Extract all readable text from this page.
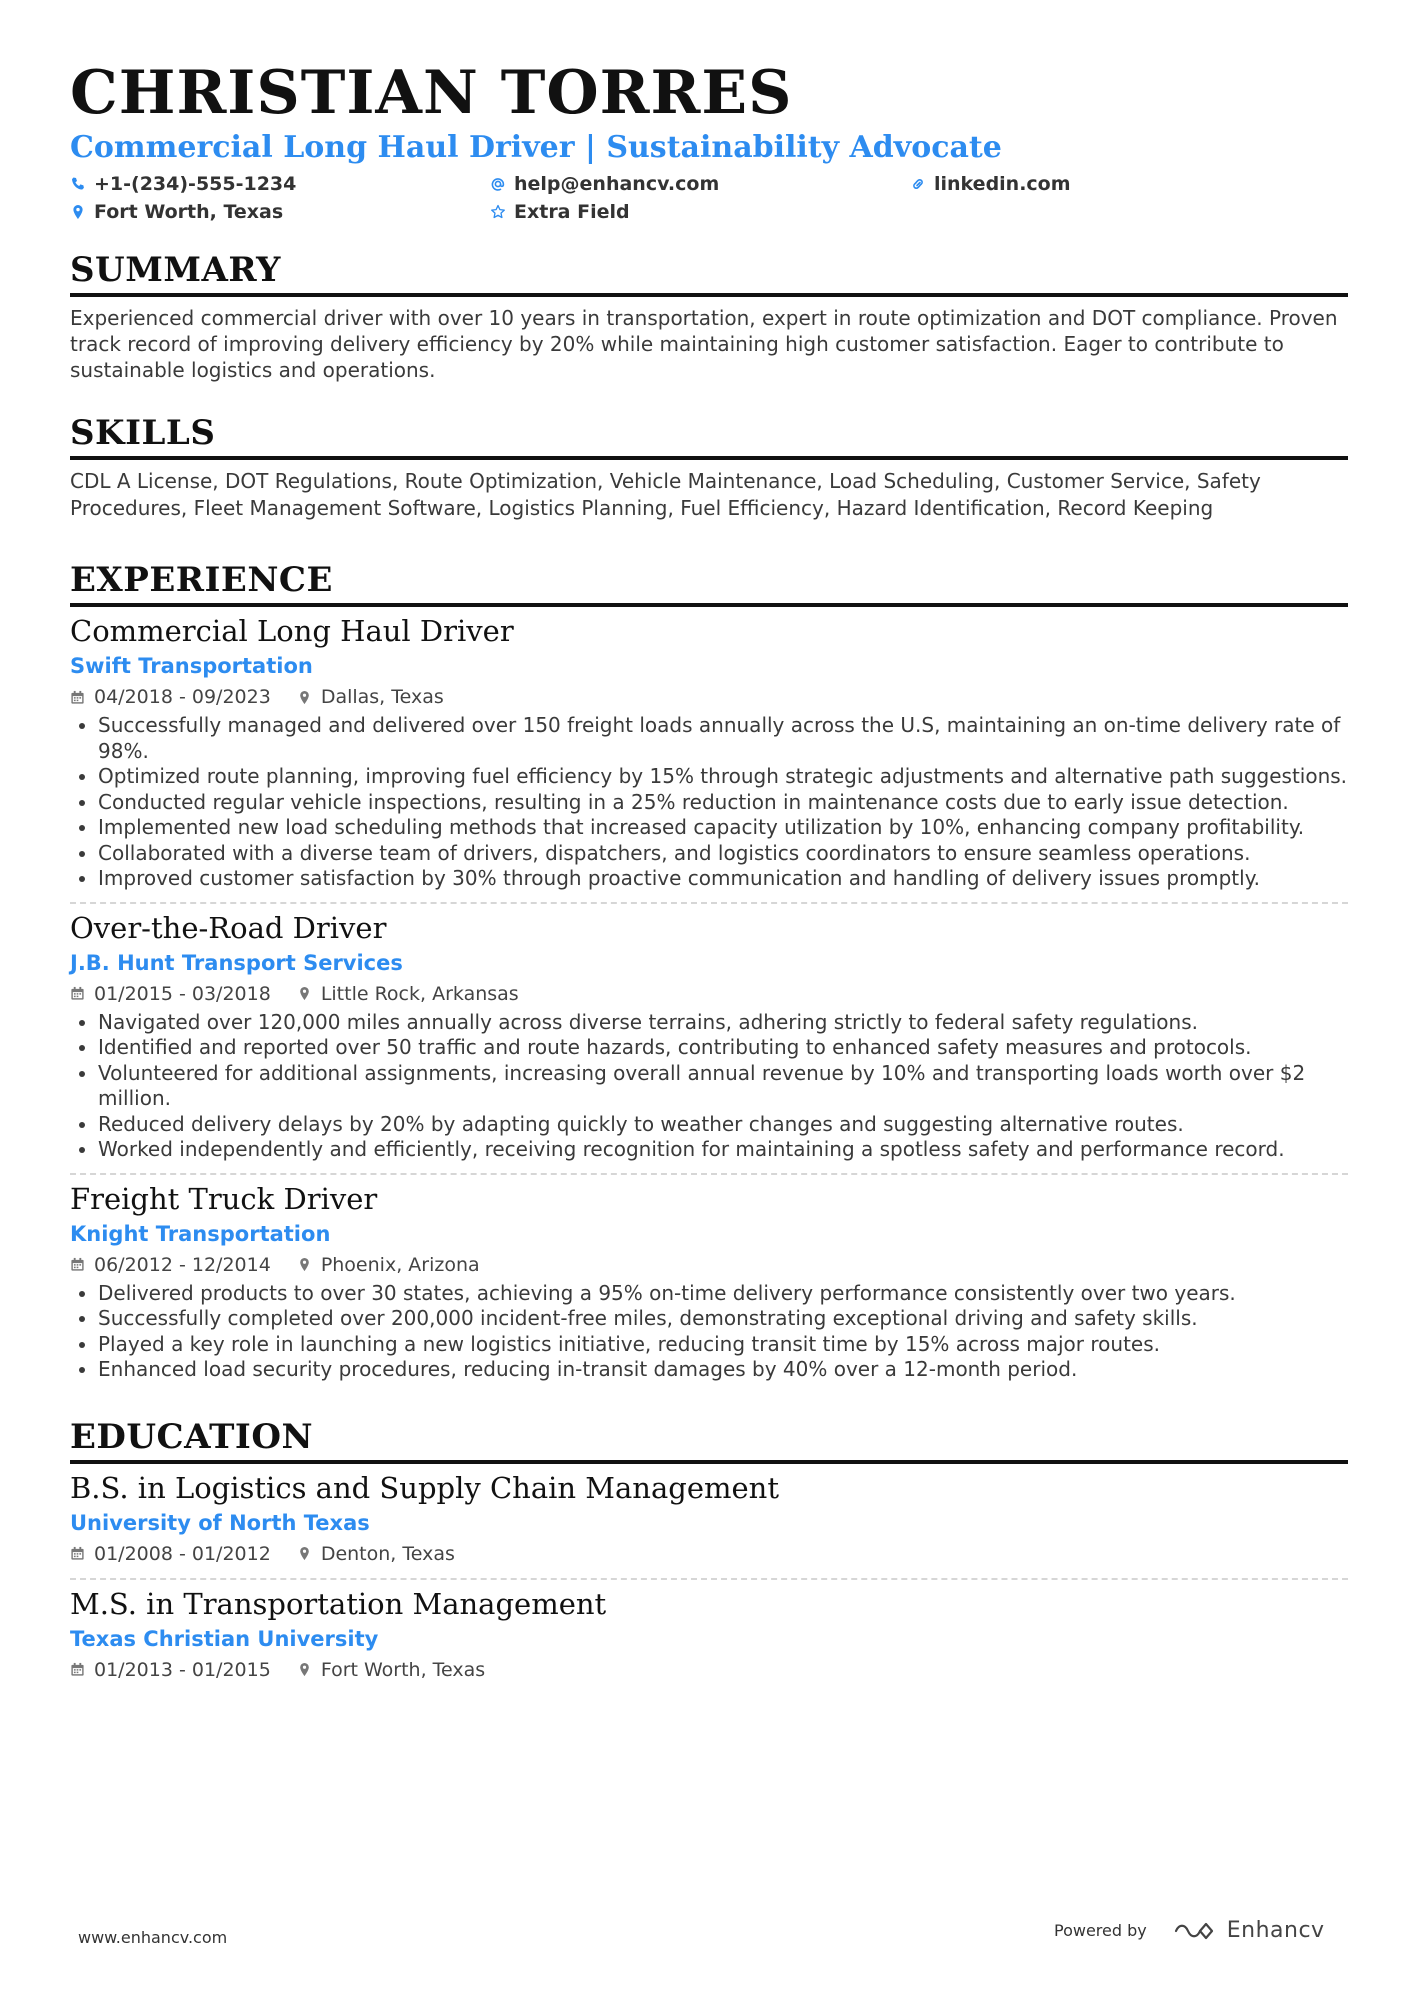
CHRISTIAN TORRES
Commercial Long Haul Driver | Sustainability Advocate
+1-(234)-555-1234	help@enhancv.com	linkedin.com
Fort Worth, Texas	Extra Field
SUMMARY

Experienced commercial driver with over 10 years in transportation, expert in route optimization and DOT compliance. Proven track record of improving delivery efficiency by 20% while maintaining high customer satisfaction. Eager to contribute to sustainable logistics and operations.

SKILLS

CDL A License, DOT Regulations, Route Optimization, Vehicle Maintenance, Load Scheduling, Customer Service, Safety Procedures, Fleet Management Software, Logistics Planning, Fuel Efficiency, Hazard Identification, Record Keeping

EXPERIENCE
Commercial Long Haul Driver
Swift Transportation
04/2018 - 09/2023	Dallas, Texas
• Successfully managed and delivered over 150 freight loads annually across the U.S, maintaining an on-time delivery rate of 98%.
• Optimized route planning, improving fuel efficiency by 15% through strategic adjustments and alternative path suggestions.
• Conducted regular vehicle inspections, resulting in a 25% reduction in maintenance costs due to early issue detection.
• Implemented new load scheduling methods that increased capacity utilization by 10%, enhancing company profitability.
• Collaborated with a diverse team of drivers, dispatchers, and logistics coordinators to ensure seamless operations.
• Improved customer satisfaction by 30% through proactive communication and handling of delivery issues promptly.
Over-the-Road Driver
J.B. Hunt Transport Services
01/2015 - 03/2018	Little Rock, Arkansas
• Navigated over 120,000 miles annually across diverse terrains, adhering strictly to federal safety regulations.
• Identified and reported over 50 traffic and route hazards, contributing to enhanced safety measures and protocols.
• Volunteered for additional assignments, increasing overall annual revenue by 10% and transporting loads worth over $2 million.
• Reduced delivery delays by 20% by adapting quickly to weather changes and suggesting alternative routes.
• Worked independently and efficiently, receiving recognition for maintaining a spotless safety and performance record.
Freight Truck Driver
Knight Transportation
06/2012 - 12/2014	Phoenix, Arizona
• Delivered products to over 30 states, achieving a 95% on-time delivery performance consistently over two years.
• Successfully completed over 200,000 incident-free miles, demonstrating exceptional driving and safety skills.
• Played a key role in launching a new logistics initiative, reducing transit time by 15% across major routes.
• Enhanced load security procedures, reducing in-transit damages by 40% over a 12-month period.
EDUCATION
B.S. in Logistics and Supply Chain Management
University of North Texas
01/2008 - 01/2012	Denton, Texas
M.S. in Transportation Management
Texas Christian University
01/2013 - 01/2015	Fort Worth, Texas
www.enhancv.com	Powered by	Enhancv
